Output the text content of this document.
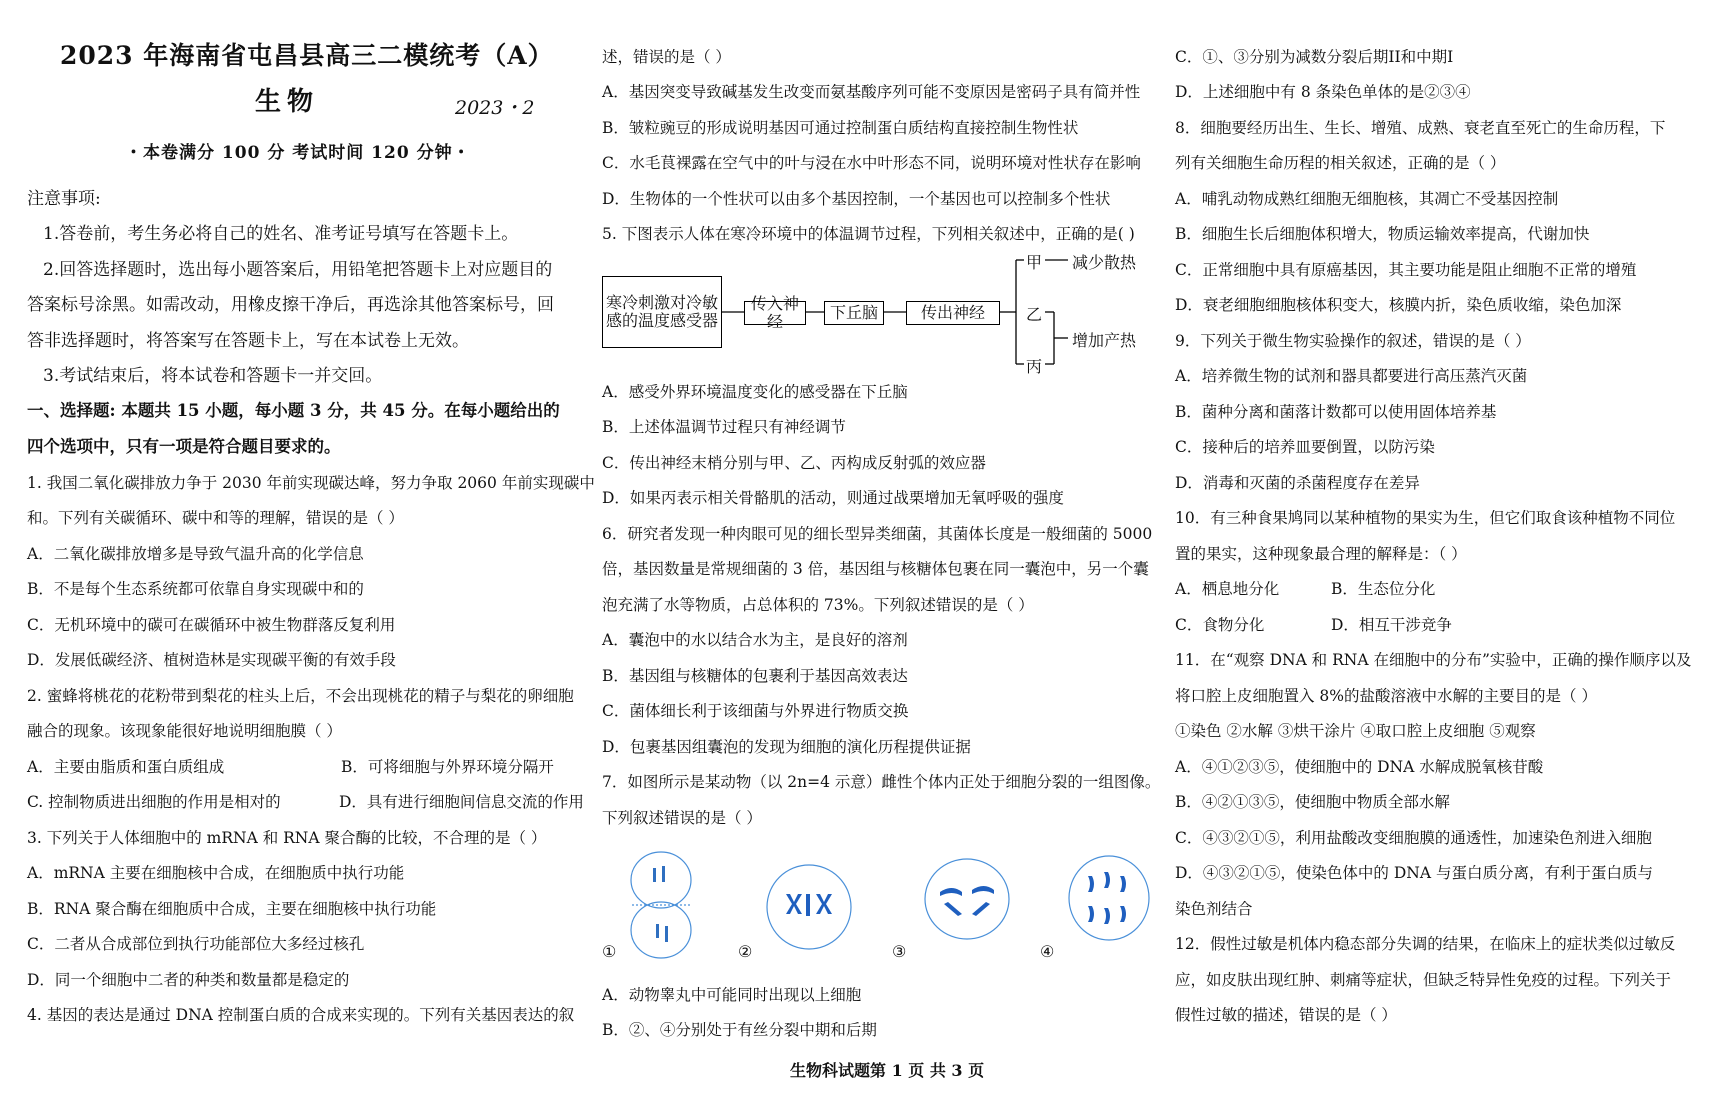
2023 年海南省屯昌县高三二模统考（A）
生物	2023・2
・本卷满分 100 分 考试时间 120 分钟・
注意事项:
1.答卷前，考生务必将自己的姓名、准考证号填写在答题卡上。
2.回答选择题时，选出每小题答案后，用铅笔把答题卡上对应题目的
答案标号涂黑。如需改动，用橡皮擦干净后，再选涂其他答案标号，回
答非选择题时，将答案写在答题卡上，写在本试卷上无效。
3.考试结束后，将本试卷和答题卡一并交回。
一、选择题: 本题共 15 小题，每小题 3 分，共 45 分。在每小题给出的
四个选项中，只有一项是符合题目要求的。
1. 我国二氧化碳排放力争于 2030 年前实现碳达峰，努力争取 2060 年前实现碳中
和。下列有关碳循环、碳中和等的理解，错误的是（ ）
A．二氧化碳排放增多是导致气温升高的化学信息
B．不是每个生态系统都可依靠自身实现碳中和的
C．无机环境中的碳可在碳循环中被生物群落反复利用
D．发展低碳经济、植树造林是实现碳平衡的有效手段
2. 蜜蜂将桃花的花粉带到梨花的柱头上后，不会出现桃花的精子与梨花的卵细胞
融合的现象。该现象能很好地说明细胞膜（ ）
A．主要由脂质和蛋白质组成	B．可将细胞与外界环境分隔开
C. 控制物质进出细胞的作用是相对的	D．具有进行细胞间信息交流的作用
3. 下列关于人体细胞中的 mRNA 和 RNA 聚合酶的比较，不合理的是（ ）
A．mRNA 主要在细胞核中合成，在细胞质中执行功能
B．RNA 聚合酶在细胞质中合成，主要在细胞核中执行功能
C．二者从合成部位到执行功能部位大多经过核孔
D．同一个细胞中二者的种类和数量都是稳定的
4. 基因的表达是通过 DNA 控制蛋白质的合成来实现的。下列有关基因表达的叙
述，错误的是（ ）
A．基因突变导致碱基发生改变而氨基酸序列可能不变原因是密码子具有简并性
B．皱粒豌豆的形成说明基因可通过控制蛋白质结构直接控制生物性状
C．水毛茛裸露在空气中的叶与浸在水中叶形态不同，说明环境对性状存在影响
D．生物体的一个性状可以由多个基因控制，一个基因也可以控制多个性状
5. 下图表示人体在寒冷环境中的体温调节过程，下列相关叙述中，正确的是( )
寒冷刺激对冷敏感的温度感受器
传入神经	下丘脑	传出神经
甲
乙
丙
减少散热
增加产热
A．感受外界环境温度变化的感受器在下丘脑
B．上述体温调节过程只有神经调节
C．传出神经末梢分别与甲、乙、丙构成反射弧的效应器
D．如果丙表示相关骨骼肌的活动，则通过战栗增加无氧呼吸的强度
6．研究者发现一种肉眼可见的细长型异类细菌，其菌体长度是一般细菌的 5000
倍，基因数量是常规细菌的 3 倍，基因组与核糖体包裹在同一囊泡中，另一个囊
泡充满了水等物质，占总体积的 73%。下列叙述错误的是（ ）
A．囊泡中的水以结合水为主，是良好的溶剂
B．基因组与核糖体的包裹利于基因高效表达
C．菌体细长利于该细菌与外界进行物质交换
D．包裹基因组囊泡的发现为细胞的演化历程提供证据
7．如图所示是某动物（以 2n=4 示意）雌性个体内正处于细胞分裂的一组图像。
下列叙述错误的是（ ）
①	②	③	④
A．动物睾丸中可能同时出现以上细胞
B．②、④分别处于有丝分裂中期和后期
C．①、③分别为减数分裂后期II和中期I
D．上述细胞中有 8 条染色单体的是②③④
8．细胞要经历出生、生长、增殖、成熟、衰老直至死亡的生命历程，下
列有关细胞生命历程的相关叙述，正确的是（ ）
A．哺乳动物成熟红细胞无细胞核，其凋亡不受基因控制
B．细胞生长后细胞体积增大，物质运输效率提高，代谢加快
C．正常细胞中具有原癌基因，其主要功能是阻止细胞不正常的增殖
D．衰老细胞细胞核体积变大，核膜内折，染色质收缩，染色加深
9．下列关于微生物实验操作的叙述，错误的是（ ）
A．培养微生物的试剂和器具都要进行高压蒸汽灭菌
B．菌种分离和菌落计数都可以使用固体培养基
C．接种后的培养皿要倒置，以防污染
D．消毒和灭菌的杀菌程度存在差异
10．有三种食果鸠同以某种植物的果实为生，但它们取食该种植物不同位
置的果实，这种现象最合理的解释是：（ ）
A．栖息地分化	B．生态位分化
C．食物分化	D．相互干涉竞争
11．在“观察 DNA 和 RNA 在细胞中的分布”实验中，正确的操作顺序以及
将口腔上皮细胞置入 8%的盐酸溶液中水解的主要目的是（ ）
①染色 ②水解 ③烘干涂片 ④取口腔上皮细胞 ⑤观察
A．④①②③⑤，使细胞中的 DNA 水解成脱氧核苷酸
B．④②①③⑤，使细胞中物质全部水解
C．④③②①⑤，利用盐酸改变细胞膜的通透性，加速染色剂进入细胞
D．④③②①⑤，使染色体中的 DNA 与蛋白质分离，有利于蛋白质与
染色剂结合
12．假性过敏是机体内稳态部分失调的结果，在临床上的症状类似过敏反
应，如皮肤出现红肿、刺痛等症状，但缺乏特异性免疫的过程。下列关于
假性过敏的描述，错误的是（ ）
生物科试题第 1 页 共 3 页
